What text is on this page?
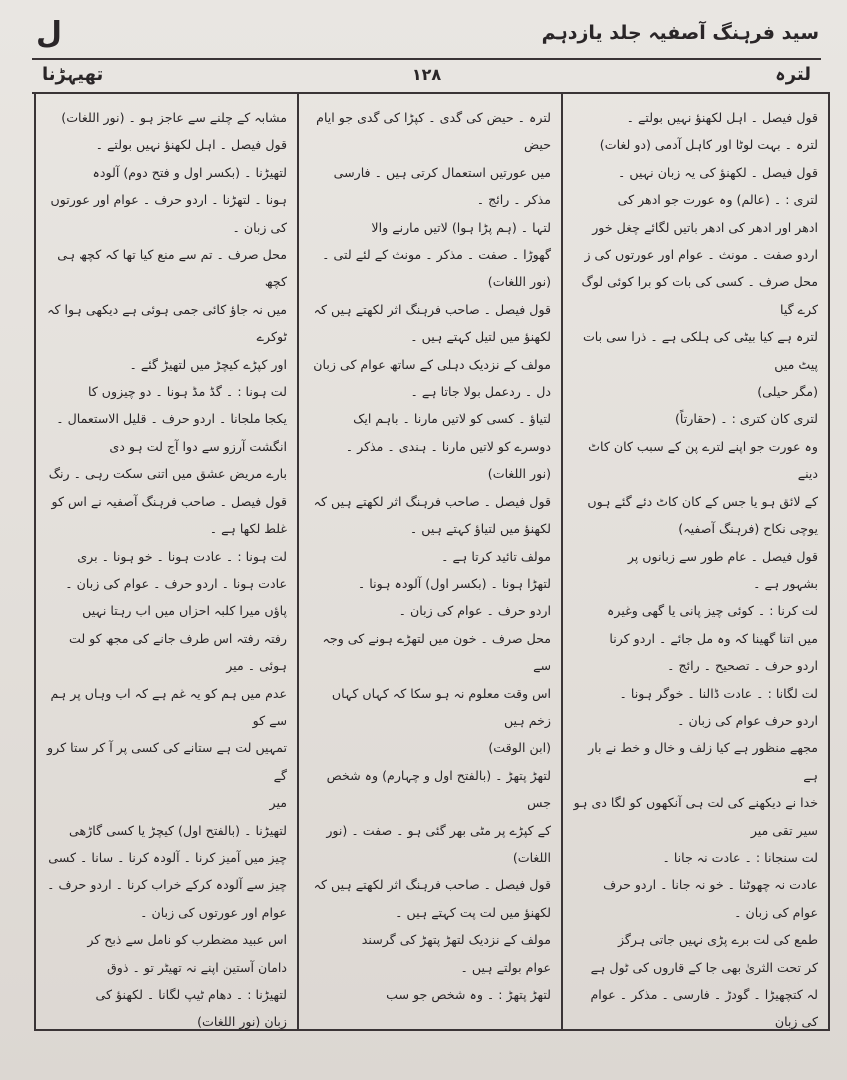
سید فرہنگ آصفیہ جلد یازدہم
ل
تھیہڑنا	۱۲۸	لترہ

قول فیصل ۔ اہل لکھنؤ نہیں بولتے ۔

لترہ ۔ بہت لوٹا اور کاہل آدمی (دو لغات)

قول فیصل ۔ لکھنؤ کی یہ زبان نہیں ۔

لتری : ۔ (عالم) وہ عورت جو ادھر کی

ادھر اور ادھر کی ادھر باتیں لگائے چغل خور

اردو صفت ۔ مونث ۔ عوام اور عورتوں کی ز

محل صرف ۔ کسی کی بات کو برا کوئی لوگ کرے گیا

لترہ ہے کیا بیٹی کی ہلکی ہے ۔ ذرا سی بات پیٹ میں

(مگر حیلی)

لتری کان کتری : ۔ (حقارتاً)

وہ عورت جو اپنے لترے پن کے سبب کان کاٹ دینے

کے لائق ہو یا جس کے کان کاٹ دئے گئے ہوں

یوچی نکاح (فرہنگ آصفیہ)

قول فیصل ۔ عام طور سے زبانوں پر

بشہور ہے ۔

لت کرنا : ۔ کوئی چیز پانی یا گھی وغیرہ

میں اتنا گھینا کہ وہ مل جائے ۔ اردو کرنا

اردو حرف ۔ تصحیح ۔ رائج ۔

لت لگانا : ۔ عادت ڈالنا ۔ خوگر ہونا ۔

اردو حرف عوام کی زبان ۔

مجھے منظور ہے کیا زلف و خال و خط نے بار ہے

خدا نے دیکھنے کی لت ہی آنکھوں کو لگا دی ہو

سیر تقی میر

لت سنجانا : ۔ عادت نہ جانا ۔

عادت نہ چھوٹنا ۔ خو نہ جانا ۔ اردو حرف

عوام کی زبان ۔

طمع کی لت برے پڑی نہیں جاتی ہرگز

کر تحت الثریٰ بھی جا کے قاروں کی ٹول ہے

لہ کتچھیڑا ۔ گودڑ ۔ فارسی ۔ مذکر ۔ عوام کی زبان

لترہ ۔ حیض کی گدی ۔ کپڑا کی گدی جو ایام حیض

میں عورتیں استعمال کرتی ہیں ۔ فارسی

مذکر ۔ رائج ۔

لتہا ۔ (ہم پڑا ہوا) لاتیں مارنے والا

گھوڑا ۔ صفت ۔ مذکر ۔ مونث کے لئے لتی ۔

(نور اللغات)

قول فیصل ۔ صاحب فرہنگ اثر لکھتے ہیں کہ

لکھنؤ میں لتیل کہتے ہیں ۔

مولف کے نزدیک دہلی کے ساتھ عوام کی زبان

دل ۔ ردعمل بولا جاتا ہے ۔

لتیاؤ ۔ کسی کو لاتیں مارنا ۔ باہم ایک

دوسرے کو لاتیں مارنا ۔ ہندی ۔ مذکر ۔

(نور اللغات)

قول فیصل ۔ صاحب فرہنگ اثر لکھتے ہیں کہ

لکھنؤ میں لتیاؤ کہتے ہیں ۔

مولف تائید کرتا ہے ۔

لتھڑا ہونا ۔ (بکسر اول) آلودہ ہونا ۔

اردو حرف ۔ عوام کی زبان ۔

محل صرف ۔ خون میں لتھڑے ہونے کی وجہ سے

اس وقت معلوم نہ ہو سکا کہ کہاں کہاں زخم ہیں

(ابن الوقت)

لتھڑ پتھڑ ۔ (بالفتح اول و چہارم) وہ شخص جس

کے کپڑے پر مٹی بھر گئی ہو ۔ صفت ۔ (نور اللغات)

قول فیصل ۔ صاحب فرہنگ اثر لکھتے ہیں کہ

لکھنؤ میں لت پت کہتے ہیں ۔

مولف کے نزدیک لتھڑ پتھڑ کی گرسند

عوام بولتے ہیں ۔

لتھڑ پتھڑ : ۔ وہ شخص جو سب

مشابہ کے چلنے سے عاجز ہو ۔ (نور اللغات)

قول فیصل ۔ اہل لکھنؤ نہیں بولتے ۔

لتھیڑنا ۔ (بکسر اول و فتح دوم) آلودہ

ہونا ۔ لتھڑنا ۔ اردو حرف ۔ عوام اور عورتوں

کی زبان ۔

محل صرف ۔ تم سے منع کیا تھا کہ کچھ ہی کچھ

میں نہ جاؤ کائی جمی ہوئی ہے دیکھی ہوا کہ ٹوکرے

اور کپڑے کیچڑ میں لتھیڑ گئے ۔

لت ہونا : ۔ گڈ مڈ ہونا ۔ دو چیزوں کا

یکجا ملجانا ۔ اردو حرف ۔ قلیل الاستعمال ۔

انگشت آرزو سے دوا آج لت ہو دی

بارے مریض عشق میں اتنی سکت رہی ۔ رنگ

قول فیصل ۔ صاحب فرہنگ آصفیہ نے اس کو

غلط لکھا ہے ۔

لت ہونا : ۔ عادت ہونا ۔ خو ہونا ۔ بری

عادت ہونا ۔ اردو حرف ۔ عوام کی زبان ۔

پاؤں میرا کلبہ احزاں میں اب رہتا نہیں

رفتہ رفتہ اس طرف جانے کی مجھ کو لت ہوئی ۔ میر

عدم میں ہم کو یہ غم ہے کہ اب وہاں پر ہم سے کو

تمہیں لت ہے ستانے کی کسی پر آ کر ستا کرو گے

میر

لتھیڑنا ۔ (بالفتح اول) کیچڑ یا کسی گاڑھی

چیز میں آمیز کرنا ۔ آلودہ کرنا ۔ سانا ۔ کسی

چیز سے آلودہ کرکے خراب کرنا ۔ اردو حرف ۔

عوام اور عورتوں کی زبان ۔

اس عبید مضطرب کو نامل سے ذبح کر

دامان آستین اپنے نہ تھیٹر تو ۔ ذوق

لتھیڑنا : ۔ دھام ٹیپ لگانا ۔ لکھنؤ کی

زبان (نور اللغات)
